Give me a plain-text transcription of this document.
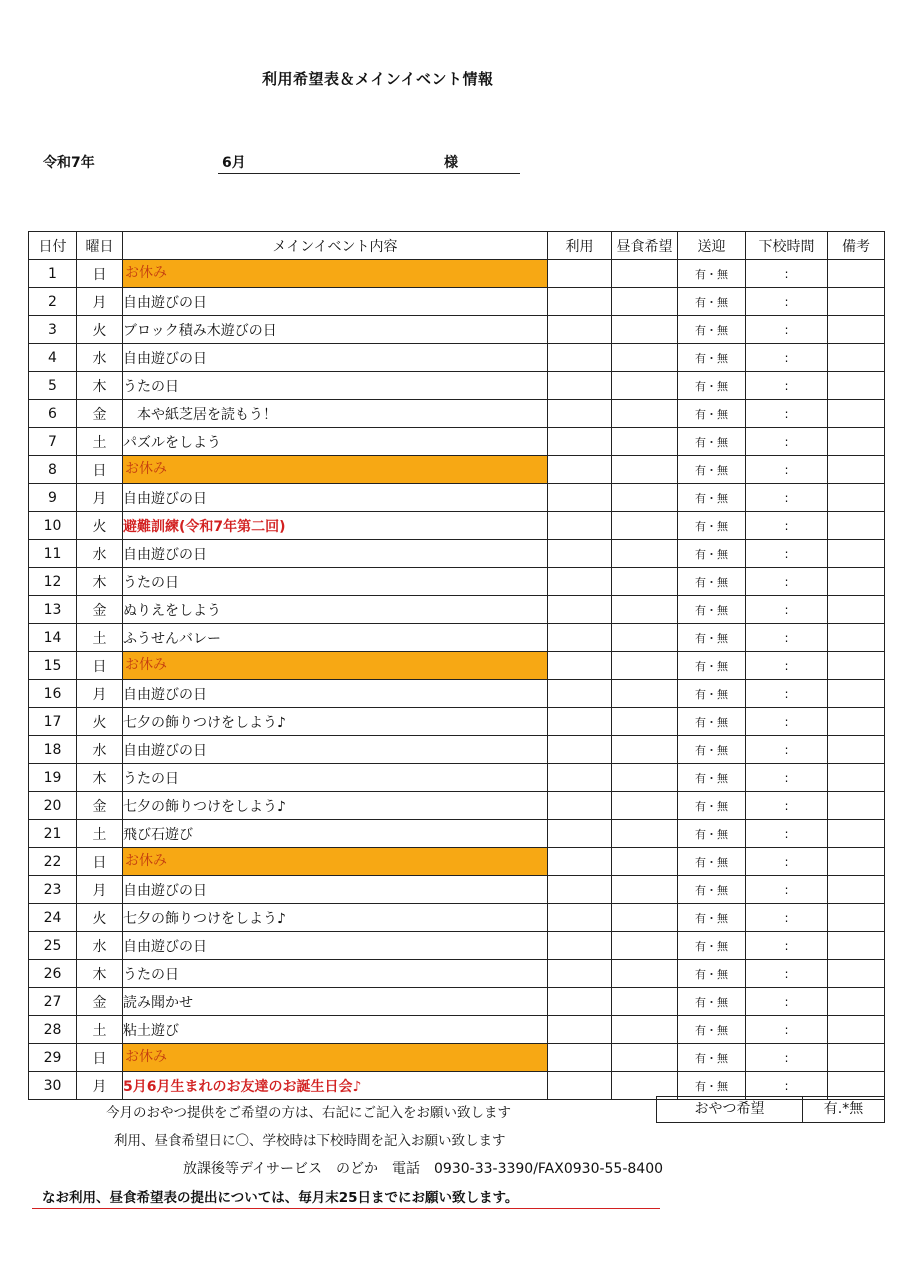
利用希望表＆メインイベント情報
令和7年	6月	様
日付	曜日	メインイベント内容	利用	昼食希望	送迎	下校時間	備考
1	日	お休み			有・無	:	
2	月	自由遊びの日			有・無	:	
3	火	ブロック積み木遊びの日			有・無	:	
4	水	自由遊びの日			有・無	:	
5	木	うたの日			有・無	:	
6	金	　本や紙芝居を読もう！			有・無	:	
7	土	パズルをしよう			有・無	:	
8	日	お休み			有・無	:	
9	月	自由遊びの日			有・無	:	
10	火	避難訓練(令和7年第二回)			有・無	:	
11	水	自由遊びの日			有・無	:	
12	木	うたの日			有・無	:	
13	金	ぬりえをしよう			有・無	:	
14	土	ふうせんバレー			有・無	:	
15	日	お休み			有・無	:	
16	月	自由遊びの日			有・無	:	
17	火	七夕の飾りつけをしよう♪			有・無	:	
18	水	自由遊びの日			有・無	:	
19	木	うたの日			有・無	:	
20	金	七夕の飾りつけをしよう♪			有・無	:	
21	土	飛び石遊び			有・無	:	
22	日	お休み			有・無	:	
23	月	自由遊びの日			有・無	:	
24	火	七夕の飾りつけをしよう♪			有・無	:	
25	水	自由遊びの日			有・無	:	
26	木	うたの日			有・無	:	
27	金	読み聞かせ			有・無	:	
28	土	粘土遊び			有・無	:	
29	日	お休み			有・無	:	
30	月	5月6月生まれのお友達のお誕生日会♪			有・無	:	
今月のおやつ提供をご希望の方は、右記にご記入をお願い致します	おやつ希望	有.*無
利用、昼食希望日に〇、学校時は下校時間を記入お願い致します
放課後等デイサービス　のどか　電話　0930-33-3390/FAX0930-55-8400
なお利用、昼食希望表の提出については、毎月末25日までにお願い致します。
